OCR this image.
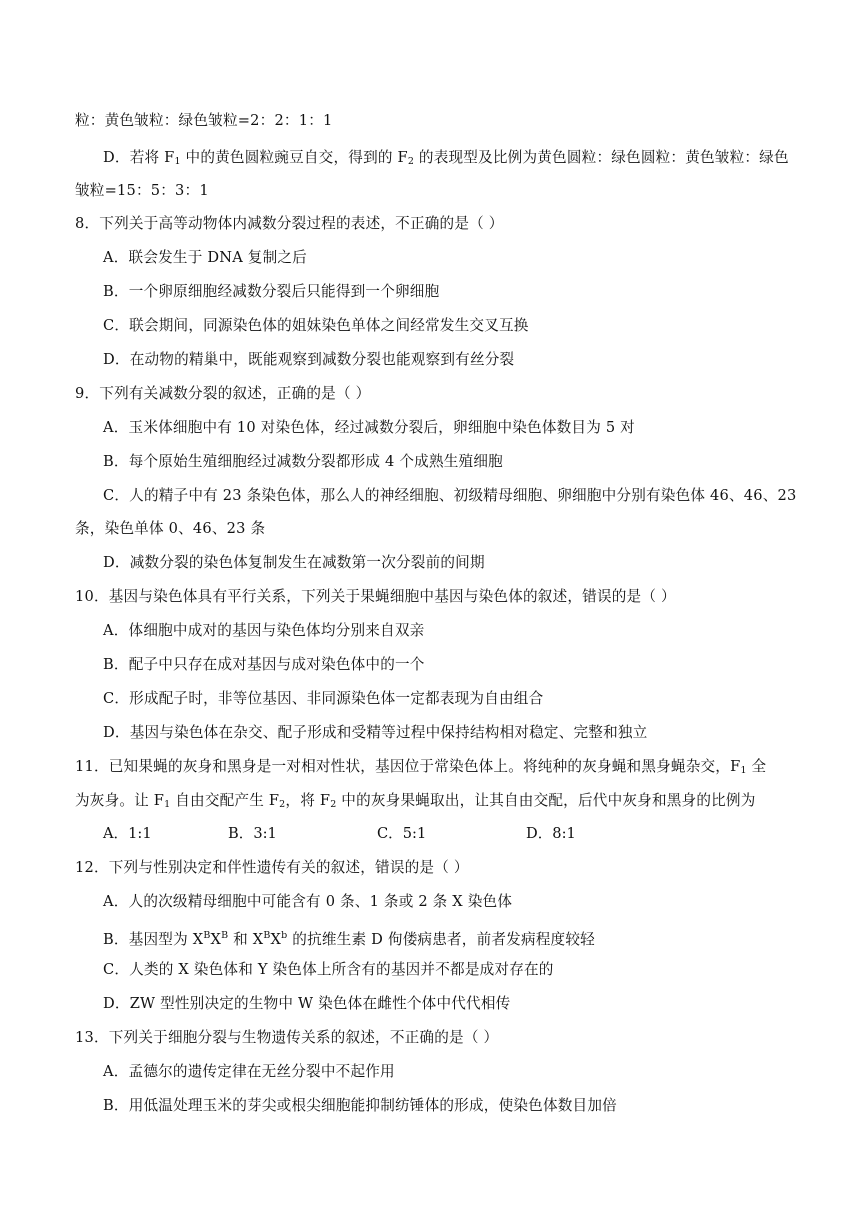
粒：黄色皱粒：绿色皱粒=2：2：1：1
D．若将 $F_1$ 中的黄色圆粒豌豆自交，得到的 $F_2$ 的表现型及比例为黄色圆粒：绿色圆粒：黄色皱粒：绿色
皱粒=15：5：3：1
8．下列关于高等动物体内减数分裂过程的表述，不正确的是（ ）
A．联会发生于 DNA 复制之后
B．一个卵原细胞经减数分裂后只能得到一个卵细胞
C．联会期间，同源染色体的姐妹染色单体之间经常发生交叉互换
D．在动物的精巢中，既能观察到减数分裂也能观察到有丝分裂
9．下列有关减数分裂的叙述，正确的是（ ）
A．玉米体细胞中有 10 对染色体，经过减数分裂后，卵细胞中染色体数目为 5 对
B．每个原始生殖细胞经过减数分裂都形成 4 个成熟生殖细胞
C．人的精子中有 23 条染色体，那么人的神经细胞、初级精母细胞、卵细胞中分别有染色体 46、46、23
条，染色单体 0、46、23 条
D．减数分裂的染色体复制发生在减数第一次分裂前的间期
10．基因与染色体具有平行关系，下列关于果蝇细胞中基因与染色体的叙述，错误的是（ ）
A．体细胞中成对的基因与染色体均分别来自双亲
B．配子中只存在成对基因与成对染色体中的一个
C．形成配子时，非等位基因、非同源染色体一定都表现为自由组合
D．基因与染色体在杂交、配子形成和受精等过程中保持结构相对稳定、完整和独立
11．已知果蝇的灰身和黑身是一对相对性状，基因位于常染色体上。将纯种的灰身蝇和黑身蝇杂交，$F_1$ 全
为灰身。让 $F_1$ 自由交配产生 $F_2$，将 $F_2$ 中的灰身果蝇取出，让其自由交配，后代中灰身和黑身的比例为
A．1:1	B．3:1	C．5:1	D．8:1
12．下列与性别决定和伴性遗传有关的叙述，错误的是（ ）
A．人的次级精母细胞中可能含有 0 条、1 条或 2 条 X 染色体
B．基因型为 $X^BX^B$ 和 $X^BX^b$ 的抗维生素 D 佝偻病患者，前者发病程度较轻
C．人类的 X 染色体和 Y 染色体上所含有的基因并不都是成对存在的
D．ZW 型性别决定的生物中 W 染色体在雌性个体中代代相传
13．下列关于细胞分裂与生物遗传关系的叙述，不正确的是（ ）
A．孟德尔的遗传定律在无丝分裂中不起作用
B．用低温处理玉米的芽尖或根尖细胞能抑制纺锤体的形成，使染色体数目加倍
